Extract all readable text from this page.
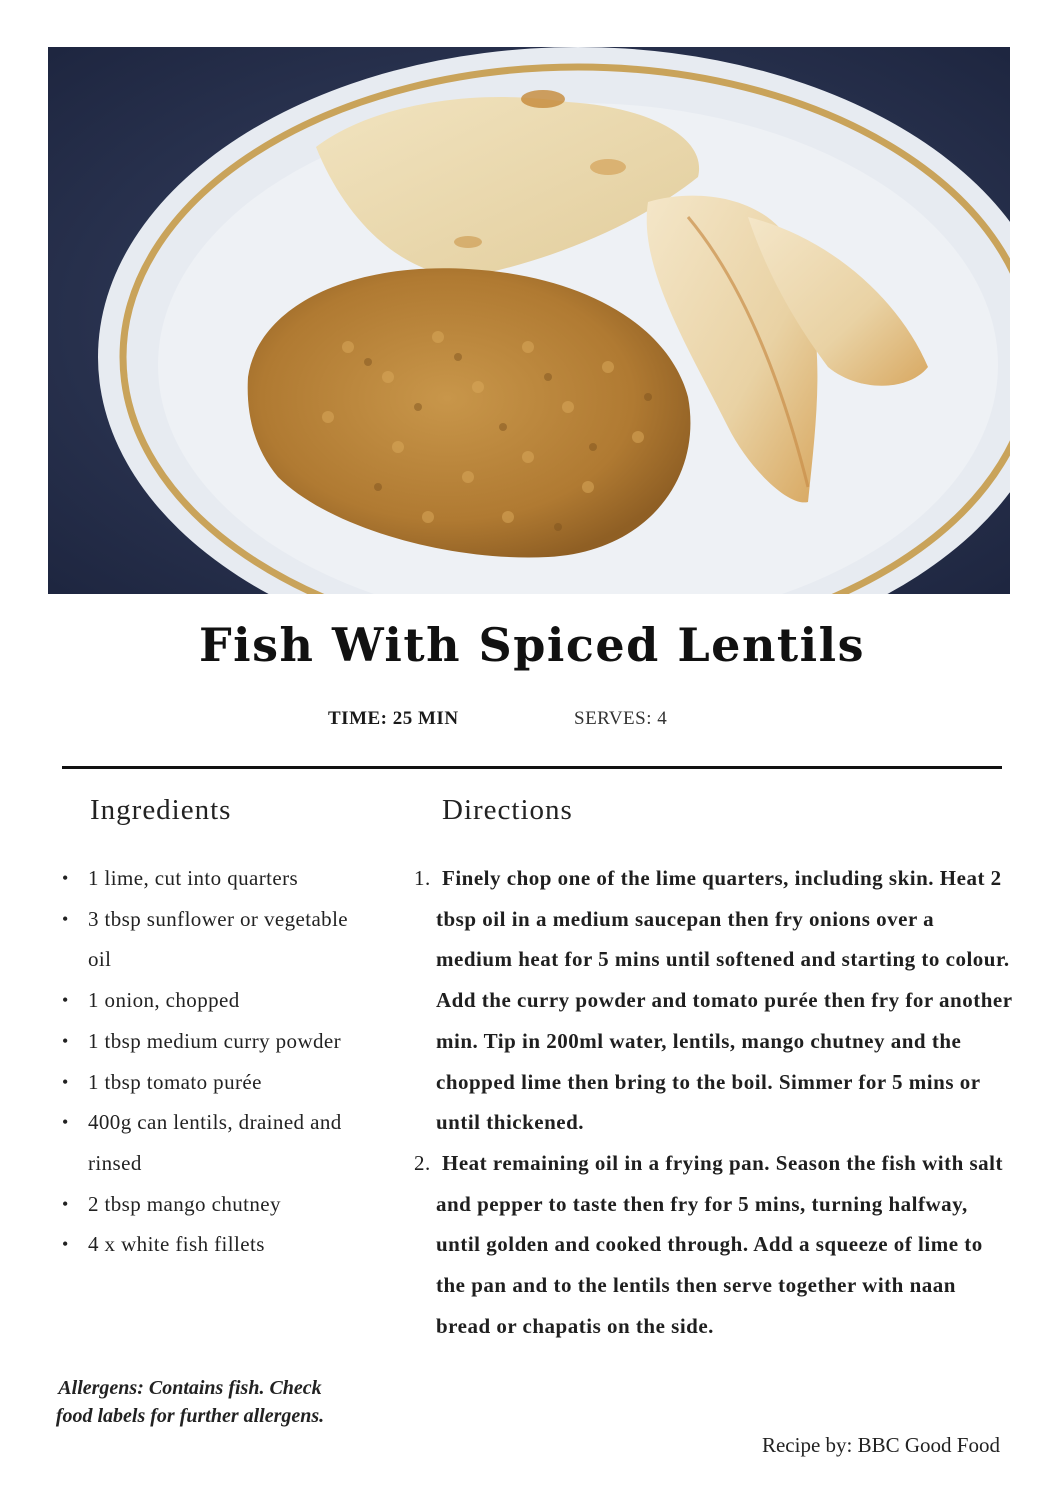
Fish With Spiced Lentils
TIME: 25 MIN	SERVES: 4
Ingredients	Directions
• 1 lime, cut into quarters
• 3 tbsp sunflower or vegetable oil
• 1 onion, chopped
• 1 tbsp medium curry powder
• 1 tbsp tomato purée
• 400g can lentils, drained and rinsed
• 2 tbsp mango chutney
• 4 x white fish fillets
Allergens: Contains fish. Check food labels for further allergens.
1. Finely chop one of the lime quarters, including skin. Heat 2 tbsp oil in a medium saucepan then fry onions over a medium heat for 5 mins until softened and starting to colour. Add the curry powder and tomato purée then fry for another min. Tip in 200ml water, lentils, mango chutney and the chopped lime then bring to the boil. Simmer for 5 mins or until thickened.
2. Heat remaining oil in a frying pan. Season the fish with salt and pepper to taste then fry for 5 mins, turning halfway, until golden and cooked through. Add a squeeze of lime to the pan and to the lentils then serve together with naan bread or chapatis on the side.
Recipe by: BBC Good Food
